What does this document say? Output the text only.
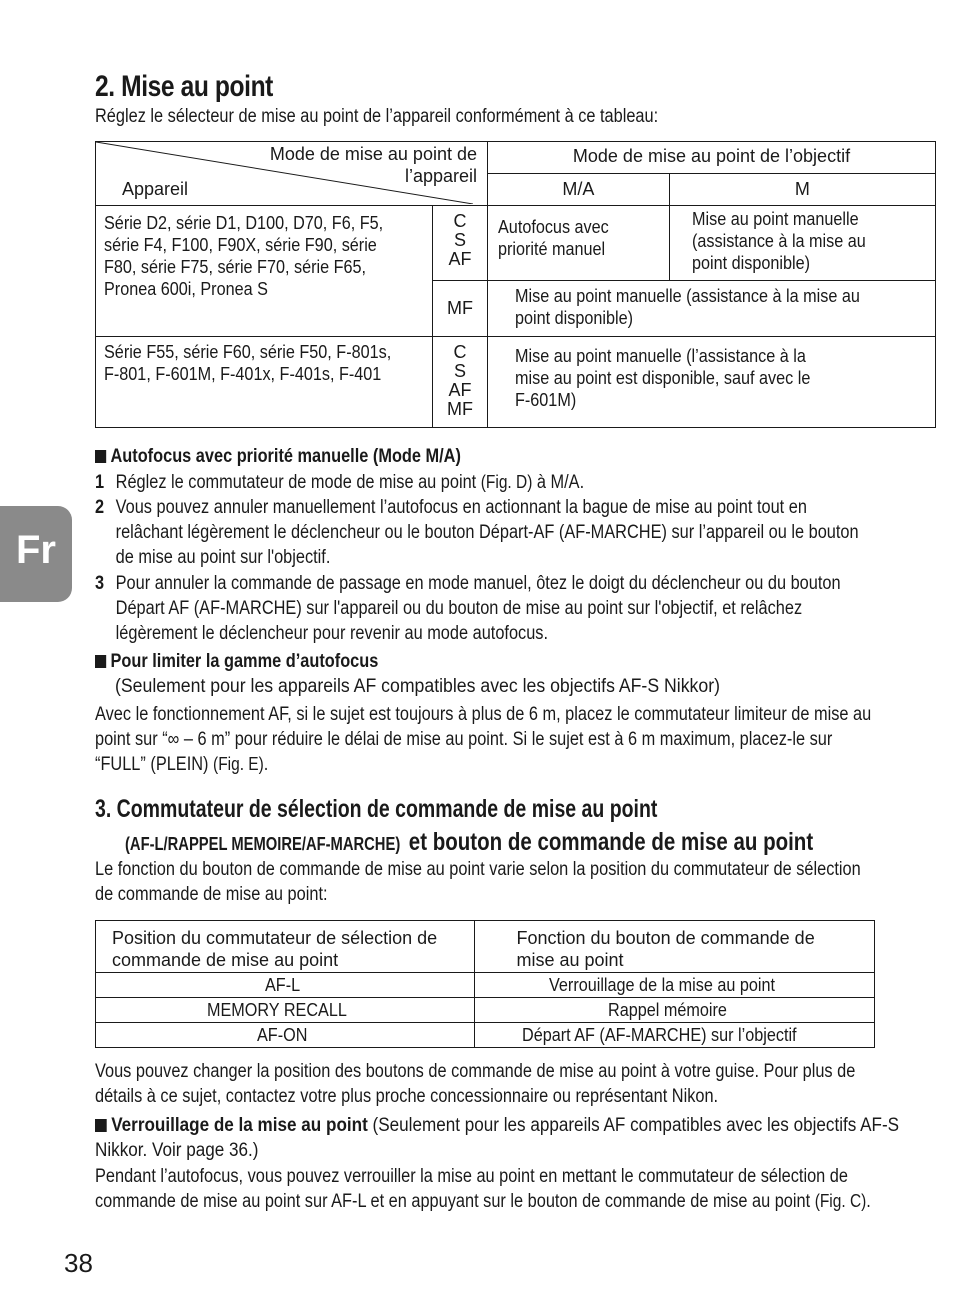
2. Mise au point
Réglez le sélecteur de mise au point de l’appareil conformément à ce tableau:
Mode de mise au point de l’appareil
Appareil		Mode de mise au point de l’objectif	
		M/A	M
Série D2, série D1, D100, D70, F6, F5, série F4, F100, F90X, série F90, série F80, série F75, série F70, série F65, Pronea 600i, Pronea S	C S AF	Autofocus avec priorité manuel	Mise au point manuelle (assistance à la mise au point disponible)
	MF	Mise au point manuelle (assistance à la mise au point disponible)	
Série F55, série F60, série F50, F-801s, F-801, F-601M, F-401x, F-401s, F-401	C S AF MF	Mise au point manuelle (l’assistance à la mise au point est disponible, sauf avec le F-601M)	
Autofocus avec priorité manuelle (Mode M/A)
1 Réglez le commutateur de mode de mise au point (Fig. D) à M/A.
2 Vous pouvez annuler manuellement l’autofocus en actionnant la bague de mise au point tout en relâchant légèrement le déclencheur ou le bouton Départ-AF (AF-MARCHE) sur l’appareil ou le bouton de mise au point sur l'objectif.
3 Pour annuler la commande de passage en mode manuel, ôtez le doigt du déclencheur ou du bouton Départ AF (AF-MARCHE) sur l'appareil ou du bouton de mise au point sur l'objectif, et relâchez légèrement le déclencheur pour revenir au mode autofocus.
Pour limiter la gamme d’autofocus
(Seulement pour les appareils AF compatibles avec les objectifs AF-S Nikkor)
Avec le fonctionnement AF, si le sujet est toujours à plus de 6 m, placez le commutateur limiteur de mise au point sur “∞ – 6 m” pour réduire le délai de mise au point. Si le sujet est à 6 m maximum, placez-le sur “FULL” (PLEIN) (Fig. E).
3. Commutateur de sélection de commande de mise au point
(AF-L/RAPPEL MEMOIRE/AF-MARCHE) et bouton de commande de mise au point
Le fonction du bouton de commande de mise au point varie selon la position du commutateur de sélection de commande de mise au point:
Position du commutateur de sélection de commande de mise au point	Fonction du bouton de commande de mise au point
AF-L	Verrouillage de la mise au point
MEMORY RECALL	Rappel mémoire
AF-ON	Départ AF (AF-MARCHE) sur l’objectif
Vous pouvez changer la position des boutons de commande de mise au point à votre guise. Pour plus de détails à ce sujet, contactez votre plus proche concessionnaire ou représentant Nikon.
Verrouillage de la mise au point (Seulement pour les appareils AF compatibles avec les objectifs AF-S Nikkor. Voir page 36.)
Pendant l’autofocus, vous pouvez verrouiller la mise au point en mettant le commutateur de sélection de commande de mise au point sur AF-L et en appuyant sur le bouton de commande de mise au point (Fig. C).
Fr
38
